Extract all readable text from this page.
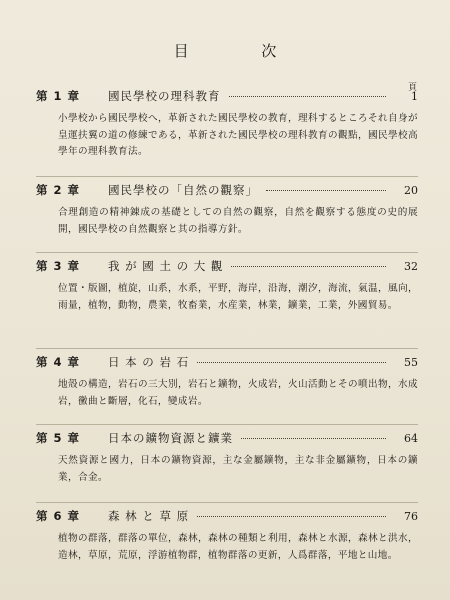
目 次
頁
第 1 章	國民學校の理科教育	1
小學校から國民學校へ，革新された國民學校の教育，理科するところそれ自身が皇運扶翼の道の修練である，革新された國民學校の理科教育の觀點，國民學校高學年の理科教育法。
第 2 章	國民學校の「自然の觀察」	20
合理創造の精神錬成の基礎としての自然の觀察，自然を觀察する態度の史的展開，國民學校の自然觀察と其の指導方針。
第 3 章	我 が 國 土 の 大 觀	32
位置・版圖，植旋，山系，水系，平野，海岸，沿海，潮汐，海流，氣温，風向，雨量，植物，動物，農業，牧畜業，水産業，林業，鑛業，工業，外國貿易。
第 4 章	日 本 の 岩 石	55
地殼の構造，岩石の三大別，岩石と鑛物，火成岩，火山活動とその噴出物，水成岩，黴曲と斷層，化石，變成岩。
第 5 章	日本の鑛物資源と鑛業	64
天然資源と國力，日本の鑛物資源，主な金屬鑛物，主な非金屬鑛物，日本の鑛業，合金。
第 6 章	森 林 と 草 原	76
植物の群落，群落の單位，森林，森林の種類と利用，森林と水源，森林と洪水，造林，草原，荒原，浮游植物群，植物群落の更新，人爲群落，平地と山地。
